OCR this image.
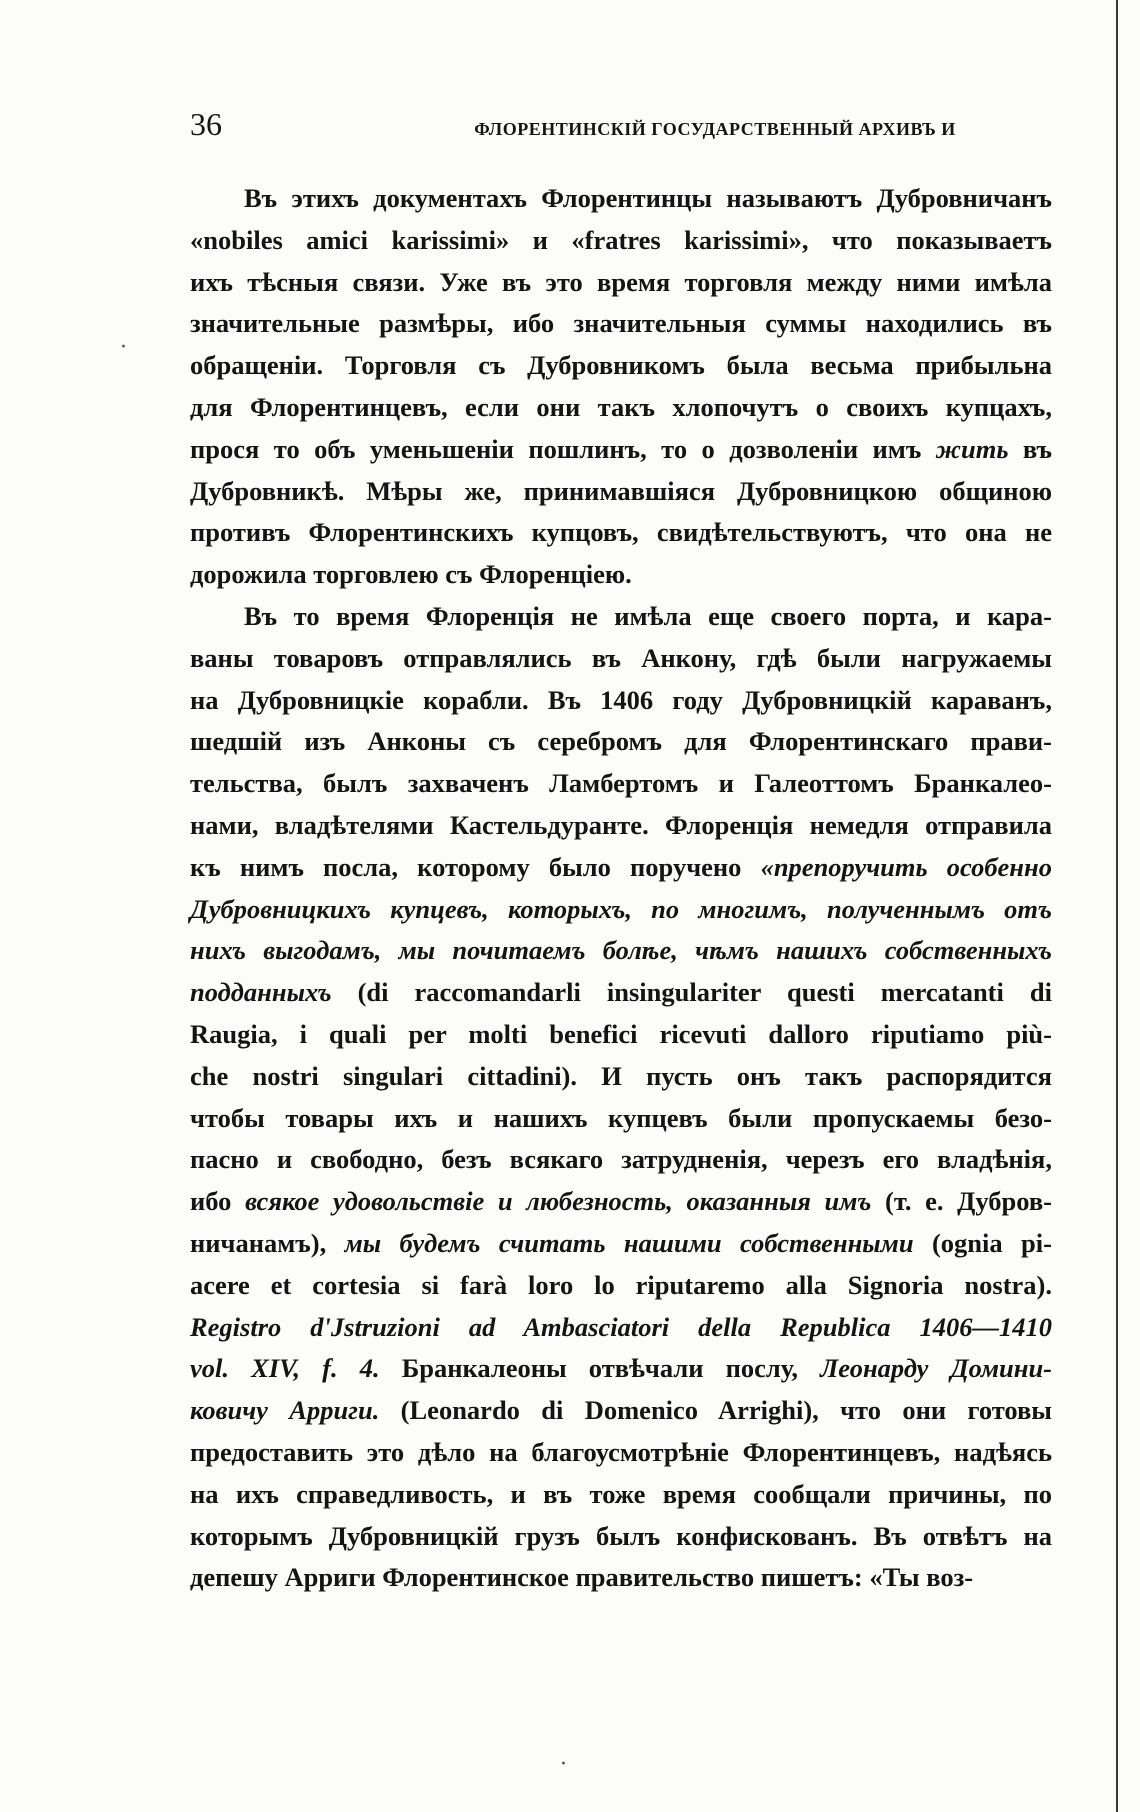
36	ФЛОРЕНТИНСКІЙ ГОСУДАРСТВЕННЫЙ АРХИВЪ И
Въ этихъ документахъ Флорентинцы называютъ Дубровничанъ
«nobiles amici karissimi» и «fratres karissimi», что показываетъ
ихъ тѣсныя связи. Уже въ это время торговля между ними имѣла
значительные размѣры, ибо значительныя суммы находились въ
обращеніи. Торговля съ Дубровникомъ была весьма прибыльна
для Флорентинцевъ, если они такъ хлопочутъ о своихъ купцахъ,
прося то объ уменьшеніи пошлинъ, то о дозволеніи имъ жить въ
Дубровникѣ. Мѣры же, принимавшіяся Дубровницкою общиною
противъ Флорентинскихъ купцовъ, свидѣтельствуютъ, что она не
дорожила торговлею съ Флоренціею.
Въ то время Флоренція не имѣла еще своего порта, и кара-
ваны товаровъ отправлялись въ Анкону, гдѣ были нагружаемы
на Дубровницкіе корабли. Въ 1406 году Дубровницкій караванъ,
шедшій изъ Анконы съ серебромъ для Флорентинскаго прави-
тельства, былъ захваченъ Ламбертомъ и Галеоттомъ Бранкалео-
нами, владѣтелями Кастельдуранте. Флоренція немедля отправила
къ нимъ посла, которому было поручено «препоручить особенно
Дубровницкихъ купцевъ, которыхъ, по многимъ, полученнымъ отъ
нихъ выгодамъ, мы почитаемъ болѣе, чѣмъ нашихъ собственныхъ
подданныхъ (di raccomandarli insingulariter questi mercatanti di
Raugia, i quali per molti benefici ricevuti dalloro riputiamo più-
che nostri singulari cittadini). И пусть онъ такъ распорядится
чтобы товары ихъ и нашихъ купцевъ были пропускаемы безо-
пасно и свободно, безъ всякаго затрудненія, черезъ его владѣнія,
ибо всякое удовольствіе и любезность, оказанныя имъ (т. е. Дубров-
ничанамъ), мы будемъ считать нашими собственными (ognia pi-
acere et cortesia si farà loro lo riputaremo alla Signoria nostra).
Registro d'Jstruzioni ad Ambasciatori della Republica 1406—1410
vol. XIV, f. 4. Бранкалеоны отвѣчали послу, Леонарду Домини-
ковичу Арриги. (Leonardo di Domenico Arrighi), что они готовы
предоставить это дѣло на благоусмотрѣніе Флорентинцевъ, надѣясь
на ихъ справедливость, и въ тоже время сообщали причины, по
которымъ Дубровницкій грузъ былъ конфискованъ. Въ отвѣтъ на
депешу Арриги Флорентинское правительство пишетъ: «Ты воз-
·
·
